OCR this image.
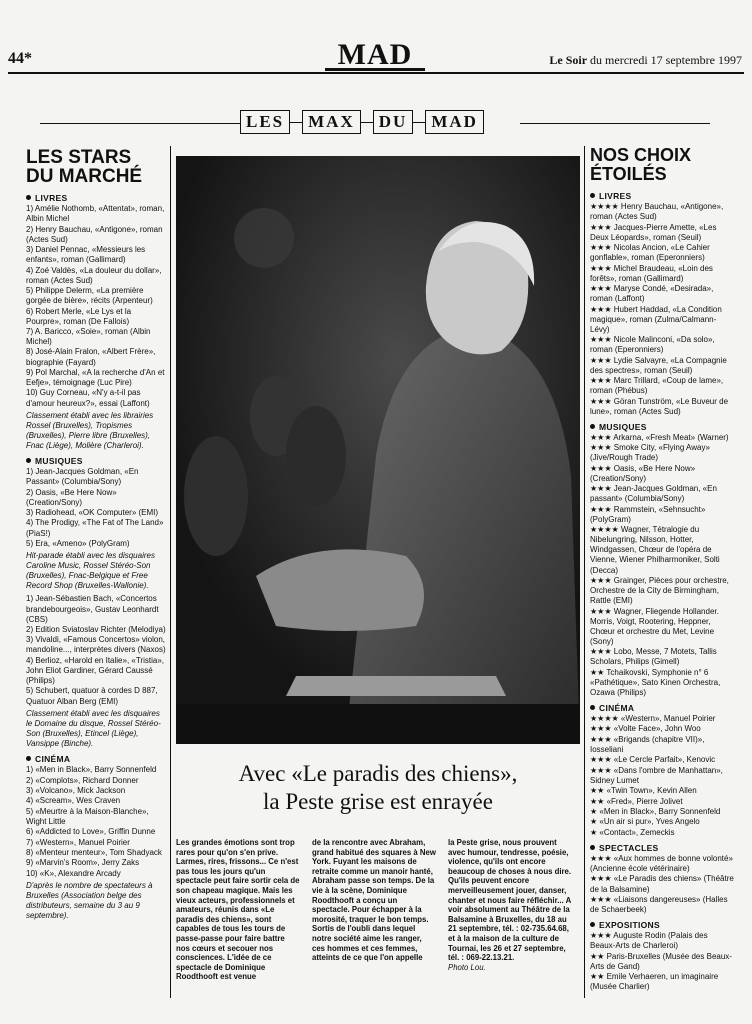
44*	MAD	Le Soir du mercredi 17 septembre 1997
LES	MAX	DU	MAD
LES STARS
DU MARCHÉ
LIVRES
1) Amélie Nothomb, «Attentat», roman, Albin Michel
2) Henry Bauchau, «Antigone», roman (Actes Sud)
3) Daniel Pennac, «Messieurs les enfants», roman (Gallimard)
4) Zoé Valdès, «La douleur du dollar», roman (Actes Sud)
5) Philippe Delerm, «La première gorgée de bière», récits (Arpenteur)
6) Robert Merle, «Le Lys et la Pourpre», roman (De Fallois)
7) A. Baricco, «Soie», roman (Albin Michel)
8) José-Alain Fralon, «Albert Frère», biographie (Fayard)
9) Pol Marchal, «A la recherche d'An et Eefje», témoignage (Luc Pire)
10) Guy Corneau, «N'y a-t-il pas d'amour heureux?», essai (Laffont)
Classement établi avec les librairies Rossel (Bruxelles), Tropismes (Bruxelles), Pierre libre (Bruxelles), Fnac (Liège), Molière (Charleroi).
MUSIQUES
1) Jean-Jacques Goldman, «En Passant» (Columbia/Sony)
2) Oasis, «Be Here Now» (Creation/Sony)
3) Radiohead, «OK Computer» (EMI)
4) The Prodigy, «The Fat of The Land» (PiaS!)
5) Era, «Ameno» (PolyGram)
Hit-parade établi avec les disquaires Caroline Music, Rossel Stéréo-Son (Bruxelles), Fnac-Belgique et Free Record Shop (Bruxelles-Wallonie).
1) Jean-Sébastien Bach, «Concertos brandebourgeois», Gustav Leonhardt (CBS)
2) Edition Sviatoslav Richter (Melodiya)
3) Vivaldi, «Famous Concertos» violon, mandoline..., interprètes divers (Naxos)
4) Berlioz, «Harold en Italie», «Tristia», John Eliot Gardiner, Gérard Caussé (Philips)
5) Schubert, quatuor à cordes D 887, Quatuor Alban Berg (EMI)
Classement établi avec les disquaires le Domaine du disque, Rossel Stéréo-Son (Bruxelles), Etincel (Liège), Vansippe (Binche).
CINÉMA
1) «Men in Black», Barry Sonnenfeld
2) «Complots», Richard Donner
3) «Volcano», Mick Jackson
4) «Scream», Wes Craven
5) «Meurtre à la Maison-Blanche», Wight Little
6) «Addicted to Love», Griffin Dunne
7) «Western», Manuel Poirier
8) «Menteur menteur», Tom Shadyack
9) «Marvin's Room», Jerry Zaks
10) «K», Alexandre Arcady
D'après le nombre de spectateurs à Bruxelles (Association belge des distributeurs, semaine du 3 au 9 septembre).
Avec «Le paradis des chiens»,
la Peste grise est enrayée
Les grandes émotions sont trop rares pour qu'on s'en prive. Larmes, rires, frissons... Ce n'est pas tous les jours qu'un spectacle peut faire sortir cela de son chapeau magique. Mais les vieux acteurs, professionnels et amateurs, réunis dans «Le paradis des chiens», sont capables de tous les tours de passe-passe pour faire battre nos cœurs et secouer nos consciences. L'idée de ce spectacle de Dominique Roodthooft est venue
de la rencontre avec Abraham, grand habitué des squares à New York. Fuyant les maisons de retraite comme un manoir hanté, Abraham passe son temps. De la vie à la scène, Dominique Roodthooft a conçu un spectacle. Pour échapper à la morosité, traquer le bon temps. Sortis de l'oubli dans lequel notre société aime les ranger, ces hommes et ces femmes, atteints de ce que l'on appelle
la Peste grise, nous prouvent avec humour, tendresse, poésie, violence, qu'ils ont encore beaucoup de choses à nous dire. Qu'ils peuvent encore merveilleusement jouer, danser, chanter et nous faire réfléchir... A voir absolument au Théâtre de la Balsamine à Bruxelles, du 18 au 21 septembre, tél. : 02-735.64.68, et à la maison de la culture de Tournai, les 26 et 27 septembre, tél. : 069-22.13.21.
Photo Lou.
NOS CHOIX
ÉTOILÉS
LIVRES
★★★★ Henry Bauchau, «Antigone», roman (Actes Sud)
★★★ Jacques-Pierre Amette, «Les Deux Léopards», roman (Seuil)
★★★ Nicolas Ancion, «Le Cahier gonflable», roman (Eperonniers)
★★★ Michel Braudeau, «Loin des forêts», roman (Gallimard)
★★★ Maryse Condé, «Desirada», roman (Laffont)
★★★ Hubert Haddad, «La Condition magique», roman (Zulma/Calmann-Lévy)
★★★ Nicole Malinconi, «Da solo», roman (Eperonniers)
★★★ Lydie Salvayre, «La Compagnie des spectres», roman (Seuil)
★★★ Marc Trillard, «Coup de lame», roman (Phébus)
★★★ Göran Tunström, «Le Buveur de lune», roman (Actes Sud)
MUSIQUES
★★★ Arkarna, «Fresh Meat» (Warner)
★★★ Smoke City, «Flying Away» (Jive/Rough Trade)
★★★ Oasis, «Be Here Now» (Creation/Sony)
★★★ Jean-Jacques Goldman, «En passant» (Columbia/Sony)
★★★ Rammstein, «Sehnsucht» (PolyGram)
★★★★ Wagner, Tétralogie du Nibelungring, Nilsson, Hotter, Windgassen, Chœur de l'opéra de Vienne, Wiener Philharmoniker, Solti (Decca)
★★★ Grainger, Pièces pour orchestre, Orchestre de la City de Birmingham, Rattle (EMI)
★★★ Wagner, Fliegende Hollander. Morris, Voigt, Rootering, Heppner, Chœur et orchestre du Met, Levine (Sony)
★★★ Lobo, Messe, 7 Motets, Tallis Scholars, Philips (Gimell)
★★ Tchaikovski, Symphonie n° 6 «Pathétique», Sato Kinen Orchestra, Ozawa (Philips)
CINÉMA
★★★★ «Western», Manuel Poirier
★★★ «Volte Face», John Woo
★★★ «Brigands (chapitre VII)», Iosseliani
★★★ «Le Cercle Parfait», Kenovic
★★★ «Dans l'ombre de Manhattan», Sidney Lumet
★★ «Twin Town», Kevin Allen
★★ «Fred», Pierre Jolivet
★ «Men in Black», Barry Sonnenfeld
★ «Un air si pur», Yves Angelo
★ «Contact», Zemeckis
SPECTACLES
★★★ «Aux hommes de bonne volonté» (Ancienne école vétérinaire)
★★★ «Le Paradis des chiens» (Théâtre de la Balsamine)
★★★ «Liaisons dangereuses» (Halles de Schaerbeek)
EXPOSITIONS
★★★ Auguste Rodin (Palais des Beaux-Arts de Charleroi)
★★ Paris-Bruxelles (Musée des Beaux-Arts de Gand)
★★ Emile Verhaeren, un imaginaire (Musée Charlier)
